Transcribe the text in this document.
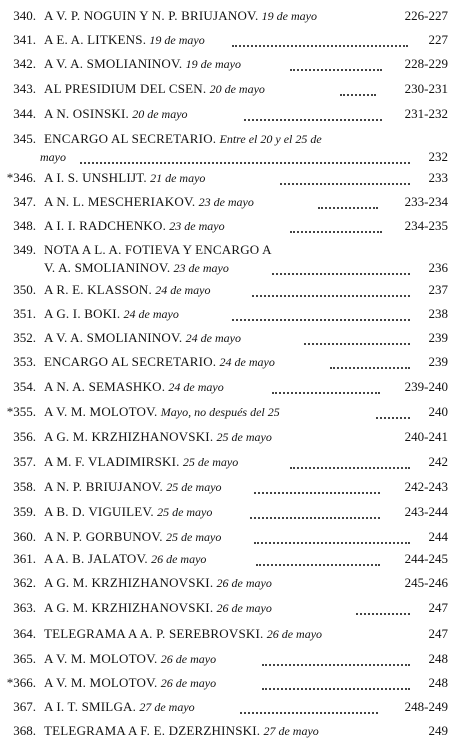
340. A V. P. NOGUIN Y N. P. BRIUJANOV. 19 de mayo	226-227
341. A E. A. LITKENS. 19 de mayo	227
342. A V. A. SMOLIANINOV. 19 de mayo	228-229
343. AL PRESIDIUM DEL CSEN. 20 de mayo	230-231
344. A N. OSINSKI. 20 de mayo	231-232
345. ENCARGO AL SECRETARIO. Entre el 20 y el 25 de
mayo	232
*346. A I. S. UNSHLIJT. 21 de mayo	233
347. A N. L. MESCHERIAKOV. 23 de mayo	233-234
348. A I. I. RADCHENKO. 23 de mayo	234-235
349. NOTA A L. A. FOTIEVA Y ENCARGO A
V. A. SMOLIANINOV. 23 de mayo	236
350. A R. E. KLASSON. 24 de mayo	237
351. A G. I. BOKI. 24 de mayo	238
352. A V. A. SMOLIANINOV. 24 de mayo	239
353. ENCARGO AL SECRETARIO. 24 de mayo	239
354. A N. A. SEMASHKO. 24 de mayo	239-240
*355. A V. M. MOLOTOV. Mayo, no después del 25	240
356. A G. M. KRZHIZHANOVSKI. 25 de mayo	240-241
357. A M. F. VLADIMIRSKI. 25 de mayo	242
358. A N. P. BRIUJANOV. 25 de mayo	242-243
359. A B. D. VIGUILEV. 25 de mayo	243-244
360. A N. P. GORBUNOV. 25 de mayo	244
361. A A. B. JALATOV. 26 de mayo	244-245
362. A G. M. KRZHIZHANOVSKI. 26 de mayo	245-246
363. A G. M. KRZHIZHANOVSKI. 26 de mayo	247
364. TELEGRAMA A A. P. SEREBROVSKI. 26 de mayo	247
365. A V. M. MOLOTOV. 26 de mayo	248
*366. A V. M. MOLOTOV. 26 de mayo	248
367. A I. T. SMILGA. 27 de mayo	248-249
368. TELEGRAMA A F. E. DZERZHINSKI. 27 de mayo	249
